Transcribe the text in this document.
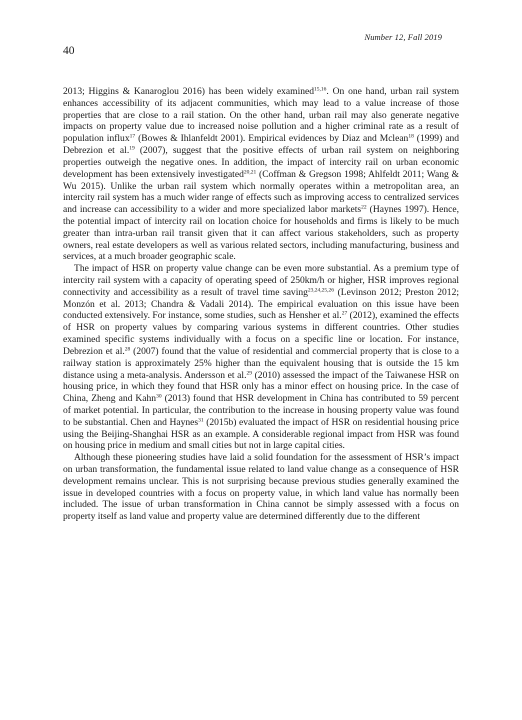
Number 12, Fall 2019
40

2013; Higgins & Kanaroglou 2016) has been widely examined$^{15,16}$. On one hand, urban rail system enhances accessibility of its adjacent communities, which may lead to a value increase of those properties that are close to a rail station. On the other hand, urban rail may also generate negative impacts on property value due to increased noise pollution and a higher criminal rate as a result of population influx$^{17}$ (Bowes & Ihlanfeldt 2001). Empirical evidences by Diaz and Mclean$^{18}$ (1999) and Debrezion et al.$^{19}$ (2007), suggest that the positive effects of urban rail system on neighboring properties outweigh the negative ones. In addition, the impact of intercity rail on urban economic development has been extensively investigated$^{20,21}$ (Coffman & Gregson 1998; Ahlfeldt 2011; Wang & Wu 2015). Unlike the urban rail system which normally operates within a metropolitan area, an intercity rail system has a much wider range of effects such as improving access to centralized services and increase can accessibility to a wider and more specialized labor markets$^{22}$ (Haynes 1997). Hence, the potential impact of intercity rail on location choice for households and firms is likely to be much greater than intra-urban rail transit given that it can affect various stakeholders, such as property owners, real estate developers as well as various related sectors, including manufacturing, business and services, at a much broader geographic scale.

The impact of HSR on property value change can be even more substantial. As a premium type of intercity rail system with a capacity of operating speed of 250km/h or higher, HSR improves regional connectivity and accessibility as a result of travel time saving$^{23,24,25,26}$ (Levinson 2012; Preston 2012; Monzón et al. 2013; Chandra & Vadali 2014). The empirical evaluation on this issue have been conducted extensively. For instance, some studies, such as Hensher et al.$^{27}$ (2012), examined the effects of HSR on property values by comparing various systems in different countries. Other studies examined specific systems individually with a focus on a specific line or location. For instance, Debrezion et al.$^{28}$ (2007) found that the value of residential and commercial property that is close to a railway station is approximately 25% higher than the equivalent housing that is outside the 15 km distance using a meta-analysis. Andersson et al.$^{29}$ (2010) assessed the impact of the Taiwanese HSR on housing price, in which they found that HSR only has a minor effect on housing price. In the case of China, Zheng and Kahn$^{30}$ (2013) found that HSR development in China has contributed to 59 percent of market potential. In particular, the contribution to the increase in housing property value was found to be substantial. Chen and Haynes$^{31}$ (2015b) evaluated the impact of HSR on residential housing price using the Beijing-Shanghai HSR as an example. A considerable regional impact from HSR was found on housing price in medium and small cities but not in large capital cities.

Although these pioneering studies have laid a solid foundation for the assessment of HSR’s impact on urban transformation, the fundamental issue related to land value change as a consequence of HSR development remains unclear. This is not surprising because previous studies generally examined the issue in developed countries with a focus on property value, in which land value has normally been included. The issue of urban transformation in China cannot be simply assessed with a focus on property itself as land value and property value are determined differently due to the different
